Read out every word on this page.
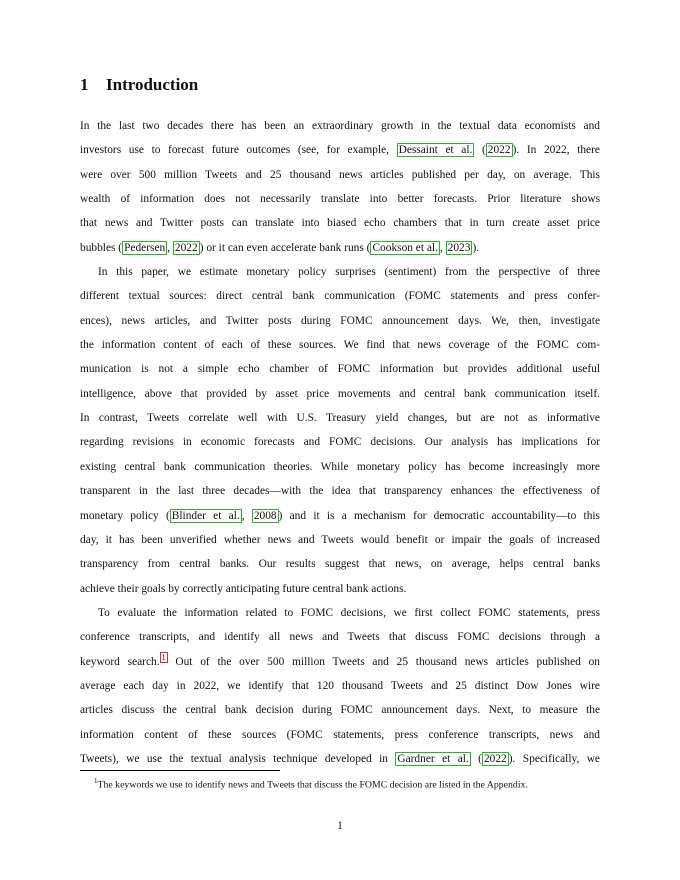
1 Introduction
In the last two decades there has been an extraordinary growth in the textual data economists and
investors use to forecast future outcomes (see, for example, Dessaint et al. ( 2022 ). In 2022, there
were over 500 million Tweets and 25 thousand news articles published per day, on average. This
wealth of information does not necessarily translate into better forecasts. Prior literature shows
that news and Twitter posts can translate into biased echo chambers that in turn create asset price
bubbles ( Pedersen , 2022 ) or it can even accelerate bank runs ( Cookson et al. , 2023 ).
In this paper, we estimate monetary policy surprises (sentiment) from the perspective of three
different textual sources: direct central bank communication (FOMC statements and press confer-
ences), news articles, and Twitter posts during FOMC announcement days. We, then, investigate
the information content of each of these sources. We find that news coverage of the FOMC com-
munication is not a simple echo chamber of FOMC information but provides additional useful
intelligence, above that provided by asset price movements and central bank communication itself.
In contrast, Tweets correlate well with U.S. Treasury yield changes, but are not as informative
regarding revisions in economic forecasts and FOMC decisions. Our analysis has implications for
existing central bank communication theories. While monetary policy has become increasingly more
transparent in the last three decades—with the idea that transparency enhances the effectiveness of
monetary policy ( Blinder et al. , 2008 ) and it is a mechanism for democratic accountability—to this
day, it has been unverified whether news and Tweets would benefit or impair the goals of increased
transparency from central banks. Our results suggest that news, on average, helps central banks
achieve their goals by correctly anticipating future central bank actions.
To evaluate the information related to FOMC decisions, we first collect FOMC statements, press
conference transcripts, and identify all news and Tweets that discuss FOMC decisions through a
keyword search. $^1$ Out of the over 500 million Tweets and 25 thousand news articles published on
average each day in 2022, we identify that 120 thousand Tweets and 25 distinct Dow Jones wire
articles discuss the central bank decision during FOMC announcement days. Next, to measure the
information content of these sources (FOMC statements, press conference transcripts, news and
Tweets), we use the textual analysis technique developed in Gardner et al. ( 2022 ). Specifically, we
$^1$The keywords we use to identify news and Tweets that discuss the FOMC decision are listed in the Appendix.
1
